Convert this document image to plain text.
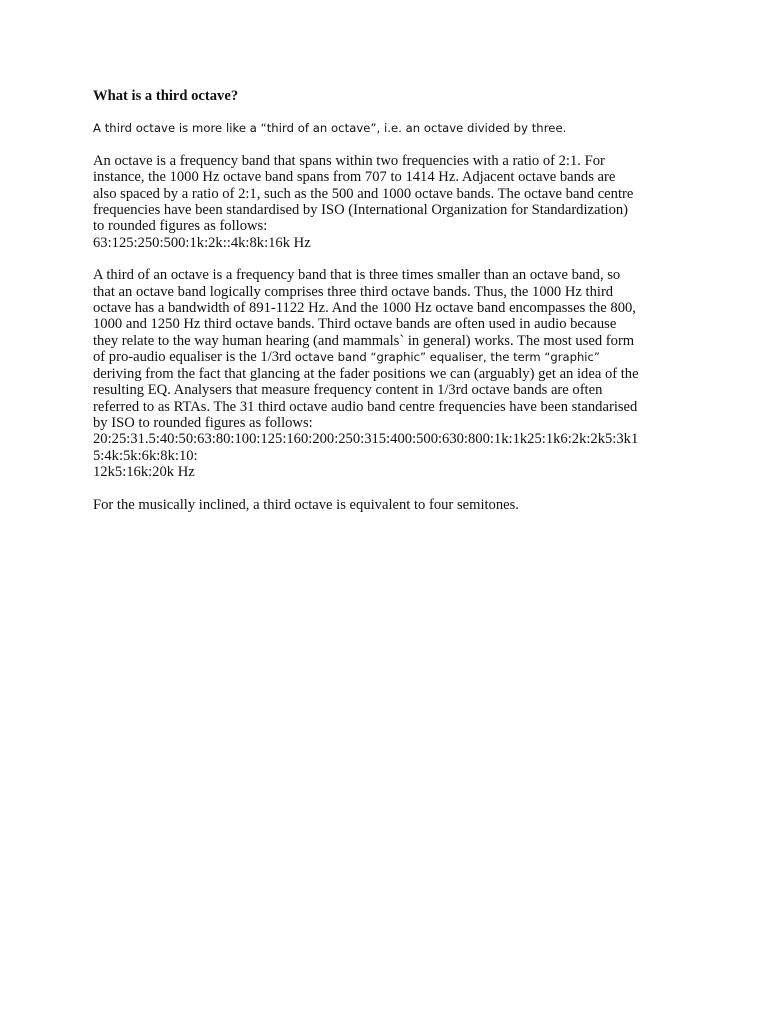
What is a third octave?
A third octave is more like a “third of an octave”, i.e. an octave divided by three.
An octave is a frequency band that spans within two frequencies with a ratio of 2:1. For
instance, the 1000 Hz octave band spans from 707 to 1414 Hz. Adjacent octave bands are
also spaced by a ratio of 2:1, such as the 500 and 1000 octave bands. The octave band centre
frequencies have been standardised by ISO (International Organization for Standardization)
to rounded figures as follows:
63:125:250:500:1k:2k::4k:8k:16k Hz
A third of an octave is a frequency band that is three times smaller than an octave band, so
that an octave band logically comprises three third octave bands. Thus, the 1000 Hz third
octave has a bandwidth of 891-1122 Hz. And the 1000 Hz octave band encompasses the 800,
1000 and 1250 Hz third octave bands. Third octave bands are often used in audio because
they relate to the way human hearing (and mammals` in general) works. The most used form
of pro-audio equaliser is the 1/3rd octave band “graphic” equaliser, the term “graphic”
deriving from the fact that glancing at the fader positions we can (arguably) get an idea of the
resulting EQ. Analysers that measure frequency content in 1/3rd octave bands are often
referred to as RTAs. The 31 third octave audio band centre frequencies have been standarised
by ISO to rounded figures as follows:
20:25:31.5:40:50:63:80:100:125:160:200:250:315:400:500:630:800:1k:1k25:1k6:2k:2k5:3k1
5:4k:5k:6k:8k:10:
12k5:16k:20k Hz
For the musically inclined, a third octave is equivalent to four semitones.
